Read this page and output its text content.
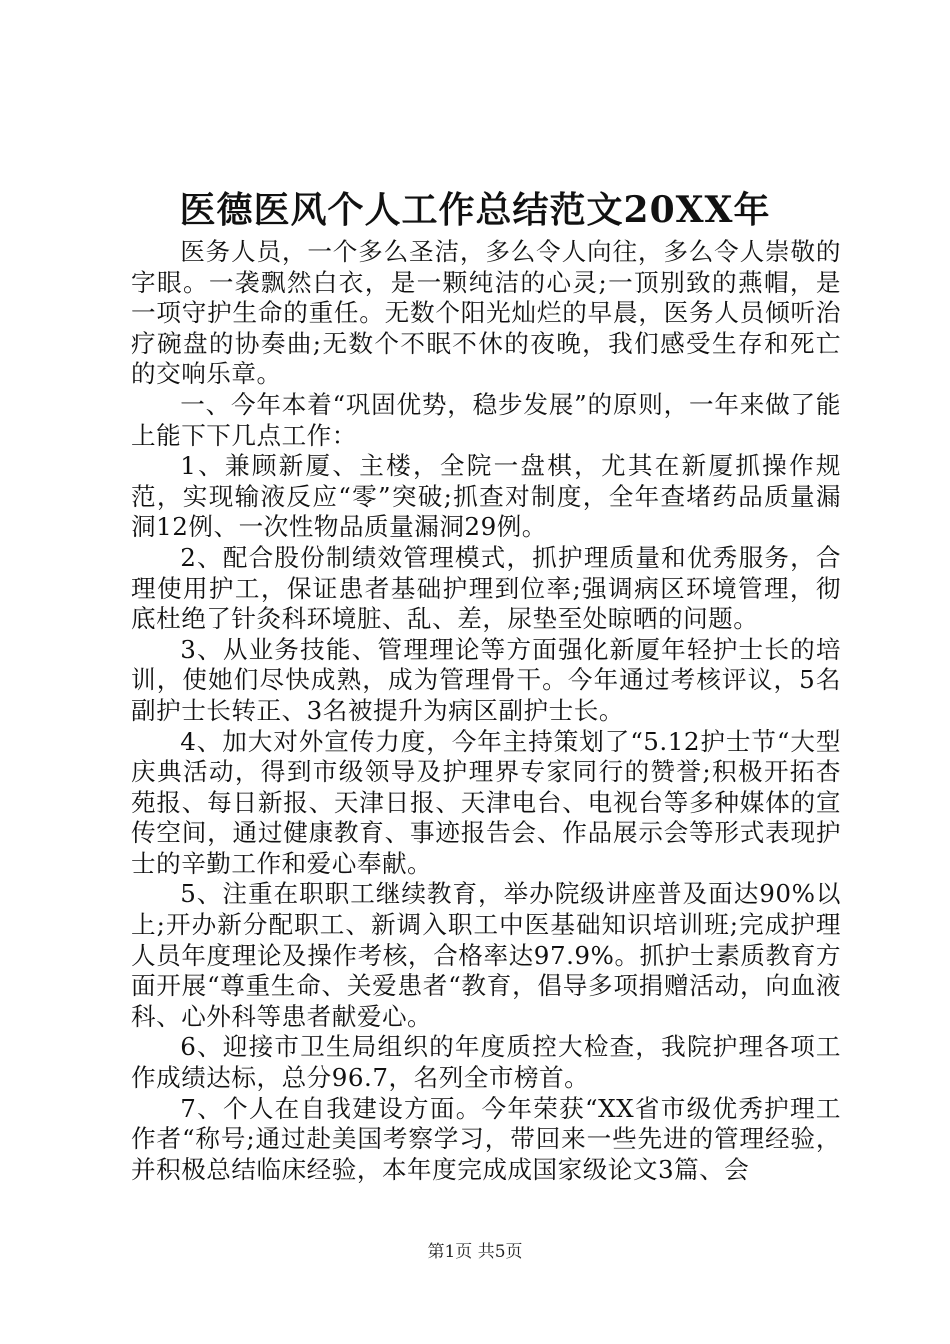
医德医风个人工作总结范文20XX年

医务人员，一个多么圣洁，多么令人向往，多么令人崇敬的字眼。一袭飘然白衣，是一颗纯洁的心灵;一顶别致的燕帽，是一项守护生命的重任。无数个阳光灿烂的早晨，医务人员倾听治疗碗盘的协奏曲;无数个不眠不休的夜晚，我们感受生存和死亡的交响乐章。

一、今年本着“巩固优势，稳步发展”的原则，一年来做了能上能下下几点工作：

1、兼顾新厦、主楼，全院一盘棋，尤其在新厦抓操作规范，实现输液反应“零”突破;抓查对制度，全年查堵药品质量漏洞12例、一次性物品质量漏洞29例。

2、配合股份制绩效管理模式，抓护理质量和优秀服务，合理使用护工，保证患者基础护理到位率;强调病区环境管理，彻底杜绝了针灸科环境脏、乱、差，尿垫至处晾晒的问题。

3、从业务技能、管理理论等方面强化新厦年轻护士长的培训，使她们尽快成熟，成为管理骨干。今年通过考核评议，5名副护士长转正、3名被提升为病区副护士长。

4、加大对外宣传力度，今年主持策划了“5.12护士节“大型庆典活动，得到市级领导及护理界专家同行的赞誉;积极开拓杏苑报、每日新报、天津日报、天津电台、电视台等多种媒体的宣传空间，通过健康教育、事迹报告会、作品展示会等形式表现护士的辛勤工作和爱心奉献。

5、注重在职职工继续教育，举办院级讲座普及面达90%以上;开办新分配职工、新调入职工中医基础知识培训班;完成护理人员年度理论及操作考核，合格率达97.9%。抓护士素质教育方面开展“尊重生命、关爱患者“教育，倡导多项捐赠活动，向血液科、心外科等患者献爱心。

6、迎接市卫生局组织的年度质控大检查，我院护理各项工作成绩达标，总分96.7，名列全市榜首。

7、个人在自我建设方面。今年荣获“XX省市级优秀护理工作者“称号;通过赴美国考察学习，带回来一些先进的管理经验，并积极总结临床经验，本年度完成成国家级论文3篇、会

第1页 共5页
